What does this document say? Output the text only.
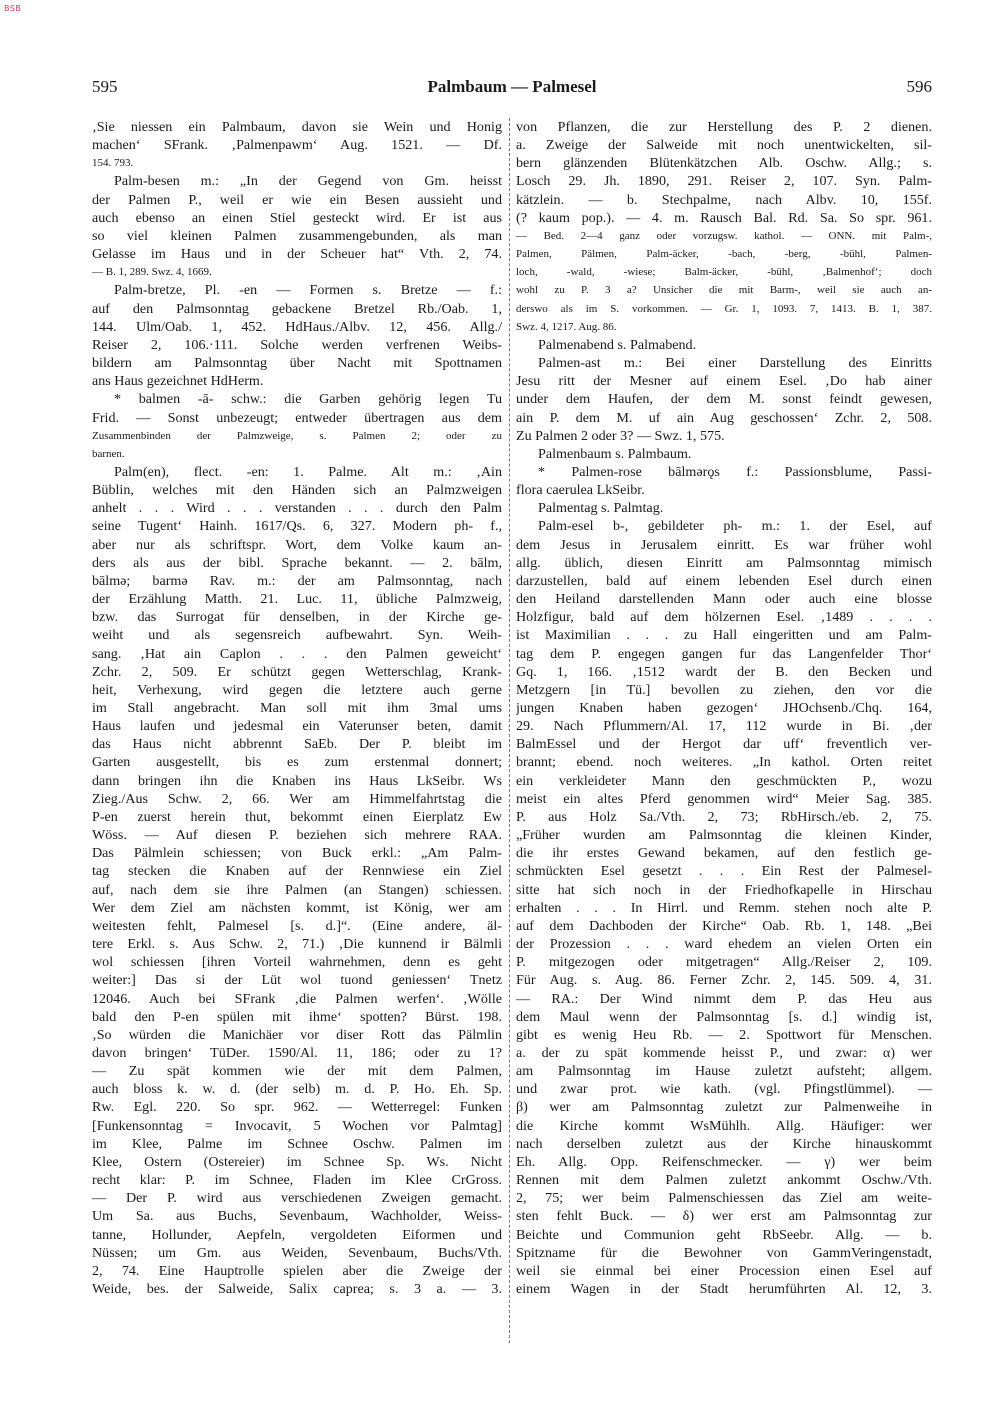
BSB
595	Palmbaum — Palmesel	596
‚Sie niessen ein Palmbaum, davon sie Wein und Honig
machen‘ SFrank. ‚Palmenpawm‘ Aug. 1521. — Df.
154. 793.
Palm-besen m.: „In der Gegend von Gm. heisst
der Palmen P., weil er wie ein Besen aussieht und
auch ebenso an einen Stiel gesteckt wird. Er ist aus
so viel kleinen Palmen zusammengebunden, als man
Gelasse im Haus und in der Scheuer hat“ Vth. 2, 74.
— B. 1, 289. Swz. 4, 1669.
Palm-bretze, Pl. -en — Formen s. Bretze — f.:
auf den Palmsonntag gebackene Bretzel Rb./Oab. 1,
144. Ulm/Oab. 1, 452. HdHaus./Albv. 12, 456. Allg./
Reiser 2, 106.·111. Solche werden verfrenen Weibs-
bildern am Palmsonntag über Nacht mit Spottnamen
ans Haus gezeichnet HdHerm.
* balmen -ā- schw.: die Garben gehörig legen Tu
Frid. — Sonst unbezeugt; entweder übertragen aus dem
Zusammenbinden der Palmzweige, s. Palmen 2; oder zu
barnen.
Palm(en), flect. -en: 1. Palme. Alt m.: ‚Ain
Büblin, welches mit den Händen sich an Palmzweigen
anhelt . . . Wird . . . verstanden . . . durch den Palm
seine Tugent‘ Hainh. 1617/Qs. 6, 327. Modern ph- f.,
aber nur als schriftspr. Wort, dem Volke kaum an-
ders als aus der bibl. Sprache bekannt. — 2. bālm,
bālmə; barmə Rav. m.: der am Palmsonntag, nach
der Erzählung Matth. 21. Luc. 11, übliche Palmzweig,
bzw. das Surrogat für denselben, in der Kirche ge-
weiht und als segensreich aufbewahrt. Syn. Weih-
sang. ‚Hat ain Caplon . . . den Palmen geweicht‘
Zchr. 2, 509. Er schützt gegen Wetterschlag, Krank-
heit, Verhexung, wird gegen die letztere auch gerne
im Stall angebracht. Man soll mit ihm 3mal ums
Haus laufen und jedesmal ein Vaterunser beten, damit
das Haus nicht abbrennt SaEb. Der P. bleibt im
Garten ausgestellt, bis es zum erstenmal donnert;
dann bringen ihn die Knaben ins Haus LkSeibr. Ws
Zieg./Aus Schw. 2, 66. Wer am Himmelfahrtstag die
P-en zuerst herein thut, bekommt einen Eierplatz Ew
Wöss. — Auf diesen P. beziehen sich mehrere RAA.
Das Pälmlein schiessen; von Buck erkl.: „Am Palm-
tag stecken die Knaben auf der Rennwiese ein Ziel
auf, nach dem sie ihre Palmen (an Stangen) schiessen.
Wer dem Ziel am nächsten kommt, ist König, wer am
weitesten fehlt, Palmesel [s. d.]“. (Eine andere, äl-
tere Erkl. s. Aus Schw. 2, 71.) ‚Die kunnend ir Bälmli
wol schiessen [ihren Vorteil wahrnehmen, denn es geht
weiter:] Das si der Lüt wol tuond geniessen‘ Tnetz
12046. Auch bei SFrank ‚die Palmen werfen‘. ‚Wölle
bald den P-en spülen mit ihme‘ spotten? Bürst. 198.
‚So würden die Manichäer vor diser Rott das Pälmlin
davon bringen‘ TüDer. 1590/Al. 11, 186; oder zu 1?
— Zu spät kommen wie der mit dem Palmen,
auch bloss k. w. d. (der selb) m. d. P. Ho. Eh. Sp.
Rw. Egl. 220. So spr. 962. — Wetterregel: Funken
[Funkensonntag = Invocavit, 5 Wochen vor Palmtag]
im Klee, Palme im Schnee Oschw. Palmen im
Klee, Ostern (Ostereier) im Schnee Sp. Ws. Nicht
recht klar: P. im Schnee, Fladen im Klee CrGross.
— Der P. wird aus verschiedenen Zweigen gemacht.
Um Sa. aus Buchs, Sevenbaum, Wachholder, Weiss-
tanne, Hollunder, Aepfeln, vergoldeten Eiformen und
Nüssen; um Gm. aus Weiden, Sevenbaum, Buchs/Vth.
2, 74. Eine Hauptrolle spielen aber die Zweige der
Weide, bes. der Salweide, Salix caprea; s. 3 a. — 3.
von Pflanzen, die zur Herstellung des P. 2 dienen.
a. Zweige der Salweide mit noch unentwickelten, sil-
bern glänzenden Blütenkätzchen Alb. Oschw. Allg.; s.
Losch 29. Jh. 1890, 291. Reiser 2, 107. Syn. Palm-
kätzlein. — b. Stechpalme, nach Albv. 10, 155f.
(? kaum pop.). — 4. m. Rausch Bal. Rd. Sa. So spr. 961.
— Bed. 2—4 ganz oder vorzugsw. kathol. — ONN. mit Palm-,
Palmen, Pälmen, Palm-äcker, -bach, -berg, -bühl, Palmen-
loch, -wald, -wiese; Balm-äcker, -bühl, ‚Balmenhof‘; doch
wohl zu P. 3 a? Unsicher die mit Barm-, weil sie auch an-
derswo als im S. vorkommen. — Gr. 1, 1093. 7, 1413. B. 1, 387.
Swz. 4, 1217. Aug. 86.
Palmenabend s. Palmabend.
Palmen-ast m.: Bei einer Darstellung des Einritts
Jesu ritt der Mesner auf einem Esel. ‚Do hab ainer
under dem Haufen, der dem M. sonst feindt gewesen,
ain P. dem M. uf ain Aug geschossen‘ Zchr. 2, 508.
Zu Palmen 2 oder 3? — Swz. 1, 575.
Palmenbaum s. Palmbaum.
* Palmen-rose bālmərǫs f.: Passionsblume, Passi-
flora caerulea LkSeibr.
Palmentag s. Palmtag.
Palm-esel b-, gebildeter ph- m.: 1. der Esel, auf
dem Jesus in Jerusalem einritt. Es war früher wohl
allg. üblich, diesen Einritt am Palmsonntag mimisch
darzustellen, bald auf einem lebenden Esel durch einen
den Heiland darstellenden Mann oder auch eine blosse
Holzfigur, bald auf dem hölzernen Esel. ‚1489 . . . .
ist Maximilian . . . zu Hall eingeritten und am Palm-
tag dem P. engegen gangen fur das Langenfelder Thor‘
Gq. 1, 166. ‚1512 wardt der B. den Becken und
Metzgern [in Tü.] bevollen zu ziehen, den vor die
jungen Knaben haben gezogen‘ JHOchsenb./Chq. 164,
29. Nach Pflummern/Al. 17, 112 wurde in Bi. ‚der
BalmEssel und der Hergot dar uff‘ freventlich ver-
brannt; ebend. noch weiteres. „In kathol. Orten reitet
ein verkleideter Mann den geschmückten P., wozu
meist ein altes Pferd genommen wird“ Meier Sag. 385.
P. aus Holz Sa./Vth. 2, 73; RbHirsch./eb. 2, 75.
„Früher wurden am Palmsonntag die kleinen Kinder,
die ihr erstes Gewand bekamen, auf den festlich ge-
schmückten Esel gesetzt . . . Ein Rest der Palmesel-
sitte hat sich noch in der Friedhofkapelle in Hirschau
erhalten . . . In Hirrl. und Remm. stehen noch alte P.
auf dem Dachboden der Kirche“ Oab. Rb. 1, 148. „Bei
der Prozession . . . ward ehedem an vielen Orten ein
P. mitgezogen oder mitgetragen“ Allg./Reiser 2, 109.
Für Aug. s. Aug. 86. Ferner Zchr. 2, 145. 509. 4, 31.
— RA.: Der Wind nimmt dem P. das Heu aus
dem Maul wenn der Palmsonntag [s. d.] windig ist,
gibt es wenig Heu Rb. — 2. Spottwort für Menschen.
a. der zu spät kommende heisst P., und zwar: α) wer
am Palmsonntag im Hause zuletzt aufsteht; allgem.
und zwar prot. wie kath. (vgl. Pfingstlümmel). —
β) wer am Palmsonntag zuletzt zur Palmenweihe in
die Kirche kommt WsMühlh. Allg. Häufiger: wer
nach derselben zuletzt aus der Kirche hinauskommt
Eh. Allg. Opp. Reifenschmecker. — γ) wer beim
Rennen mit dem Palmen zuletzt ankommt Oschw./Vth.
2, 75; wer beim Palmenschiessen das Ziel am weite-
sten fehlt Buck. — δ) wer erst am Palmsonntag zur
Beichte und Communion geht RbSeebr. Allg. — b.
Spitzname für die Bewohner von GammVeringenstadt,
weil sie einmal bei einer Procession einen Esel auf
einem Wagen in der Stadt herumführten Al. 12, 3.
